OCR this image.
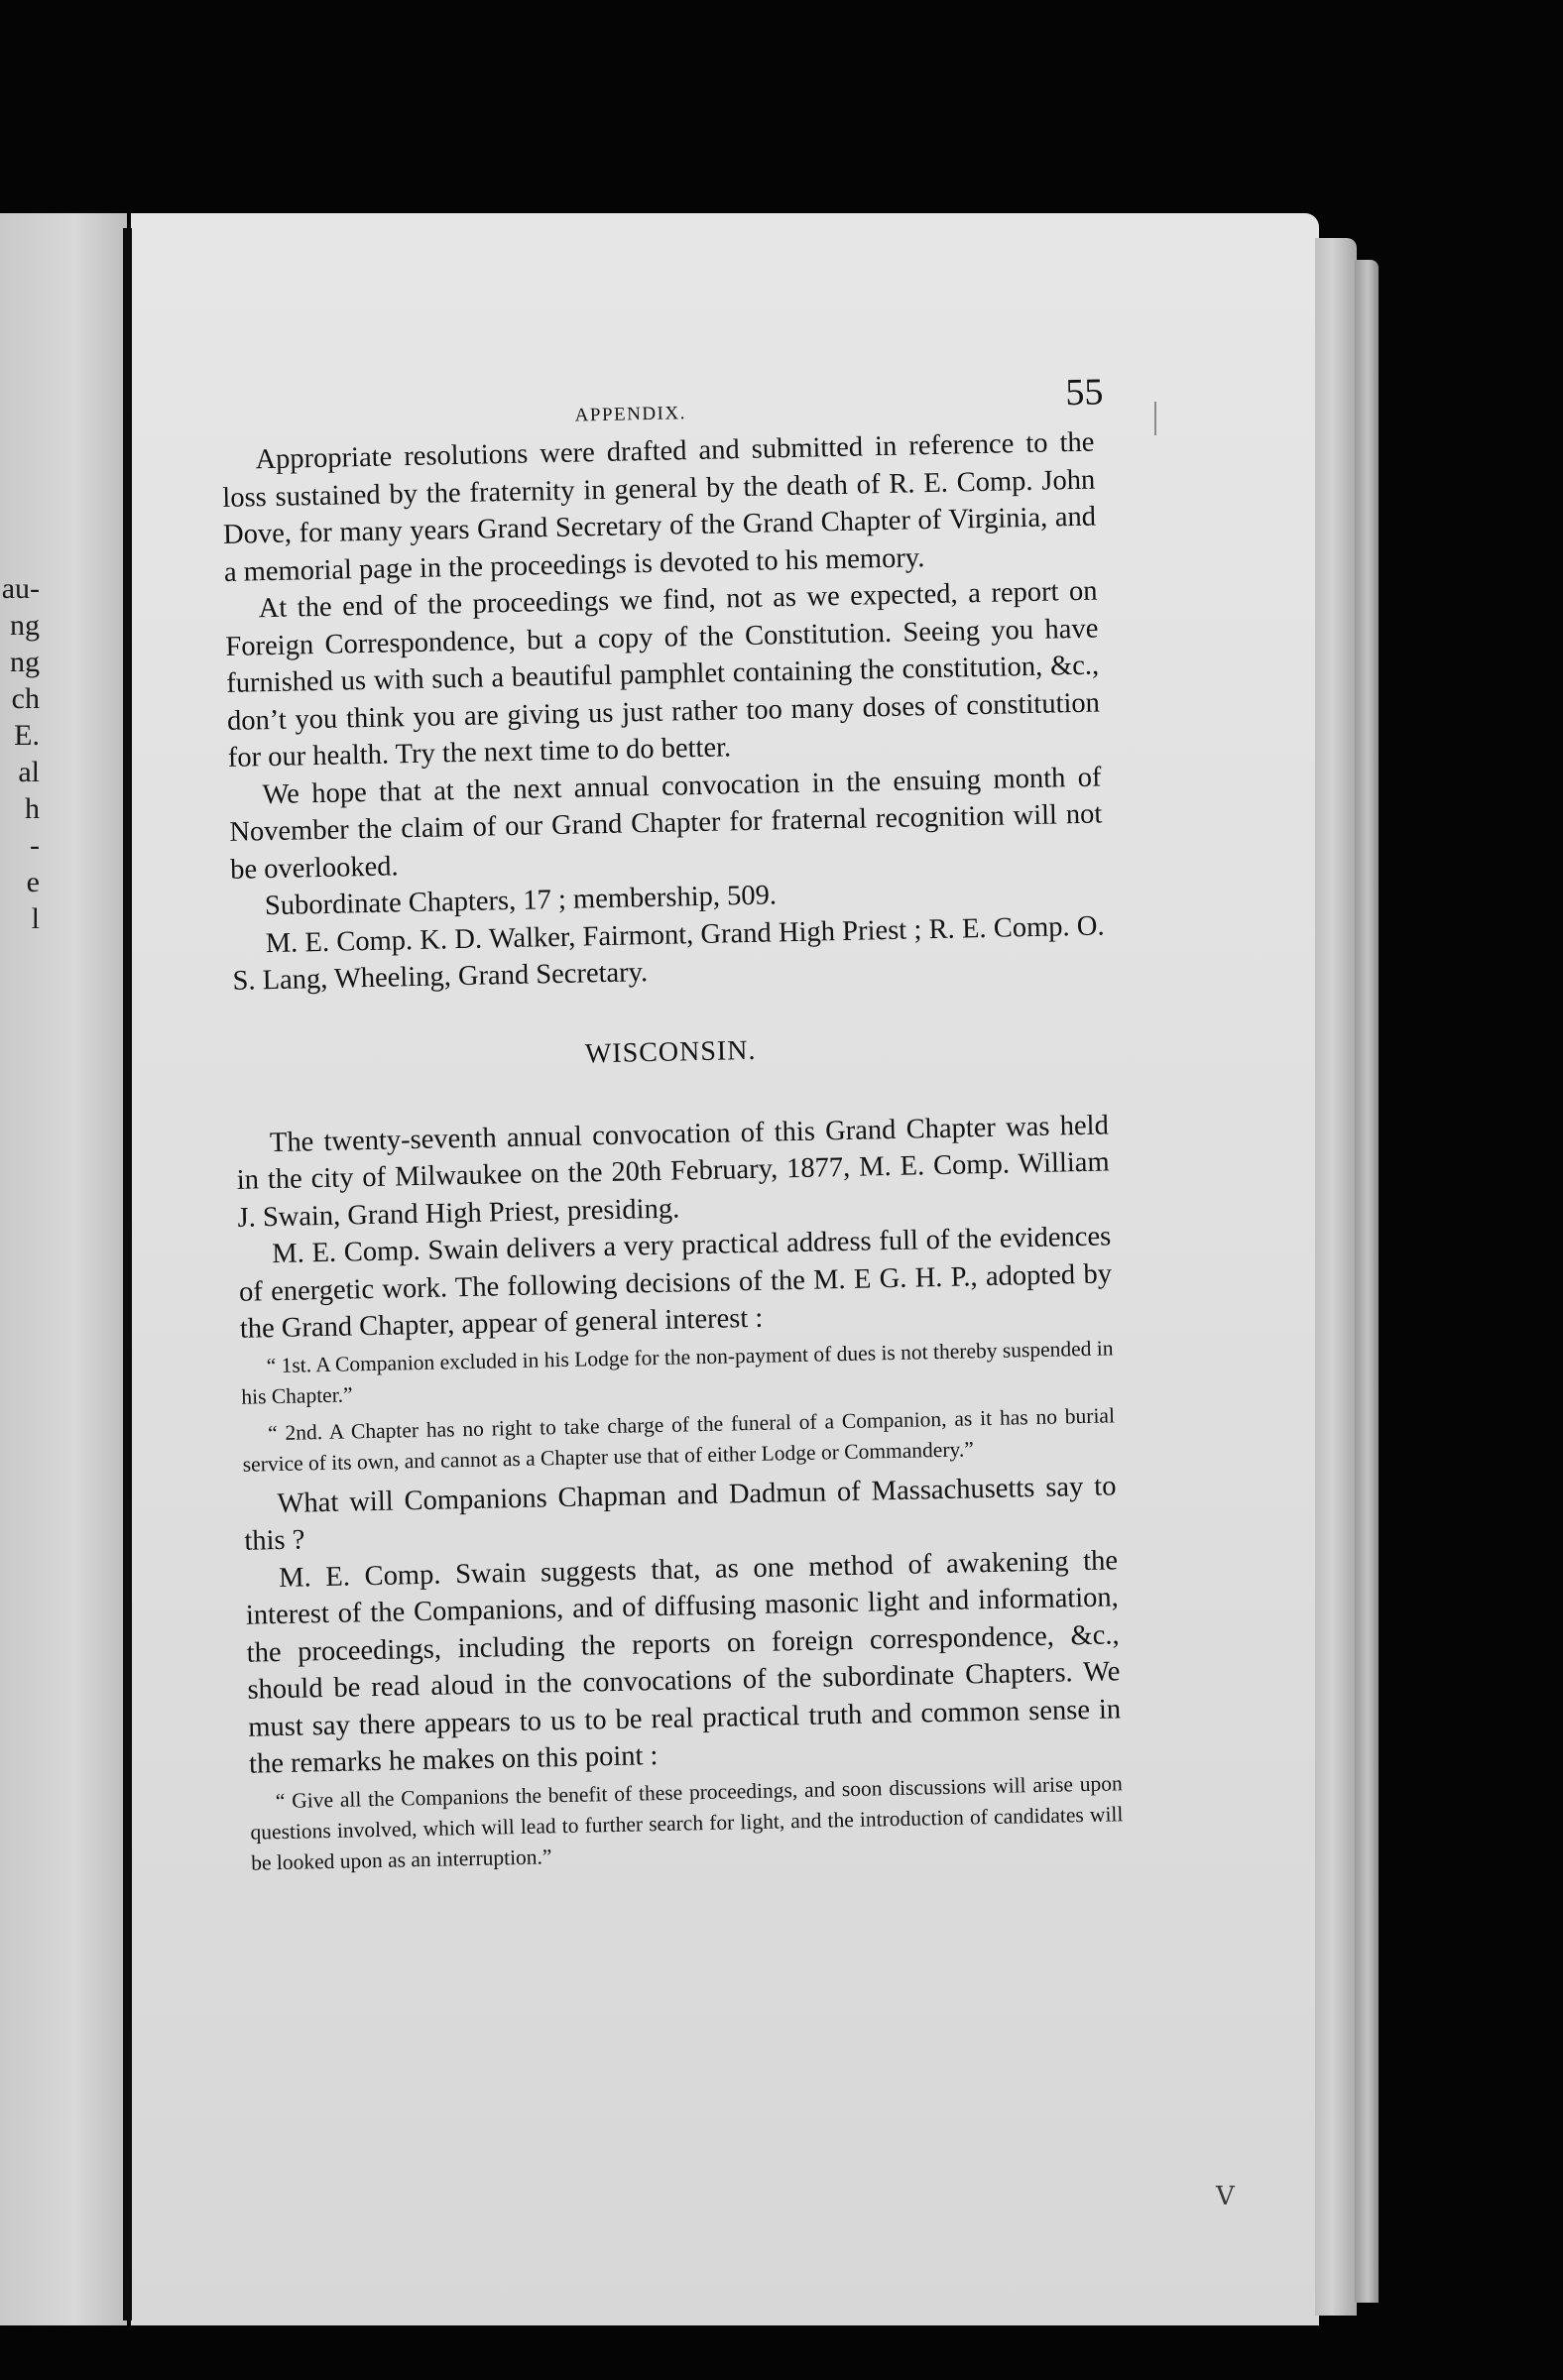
au-
ng
ng
ch
E.
al
h
-
e
l
APPENDIX.
55

Appropriate resolutions were drafted and submitted in reference to the loss sustained by the fraternity in general by the death of R. E. Comp. John Dove, for many years Grand Secretary of the Grand Chapter of Virginia, and a memorial page in the proceedings is devoted to his memory.

At the end of the proceedings we find, not as we expected, a report on Foreign Correspondence, but a copy of the Constitution. Seeing you have furnished us with such a beautiful pamphlet containing the constitution, &c., don’t you think you are giving us just rather too many doses of constitution for our health. Try the next time to do better.

We hope that at the next annual convocation in the ensuing month of November the claim of our Grand Chapter for fraternal recognition will not be overlooked.

Subordinate Chapters, 17 ; membership, 509.

M. E. Comp. K. D. Walker, Fairmont, Grand High Priest ; R. E. Comp. O. S. Lang, Wheeling, Grand Secretary.

WISCONSIN.

The twenty-seventh annual convocation of this Grand Chapter was held in the city of Milwaukee on the 20th February, 1877, M. E. Comp. William J. Swain, Grand High Priest, presiding.

M. E. Comp. Swain delivers a very practical address full of the evidences of energetic work. The following decisions of the M. E G. H. P., adopted by the Grand Chapter, appear of general interest :

“ 1st. A Companion excluded in his Lodge for the non-payment of dues is not thereby suspended in his Chapter.”

“ 2nd. A Chapter has no right to take charge of the funeral of a Companion, as it has no burial service of its own, and cannot as a Chapter use that of either Lodge or Commandery.”

What will Companions Chapman and Dadmun of Massachusetts say to this ?

M. E. Comp. Swain suggests that, as one method of awakening the interest of the Companions, and of diffusing masonic light and information, the proceedings, including the reports on foreign correspondence, &c., should be read aloud in the convocations of the subordinate Chapters. We must say there appears to us to be real practical truth and common sense in the remarks he makes on this point :

“ Give all the Companions the benefit of these proceedings, and soon discussions will arise upon questions involved, which will lead to further search for light, and the introduction of candidates will be looked upon as an interruption.”

V
